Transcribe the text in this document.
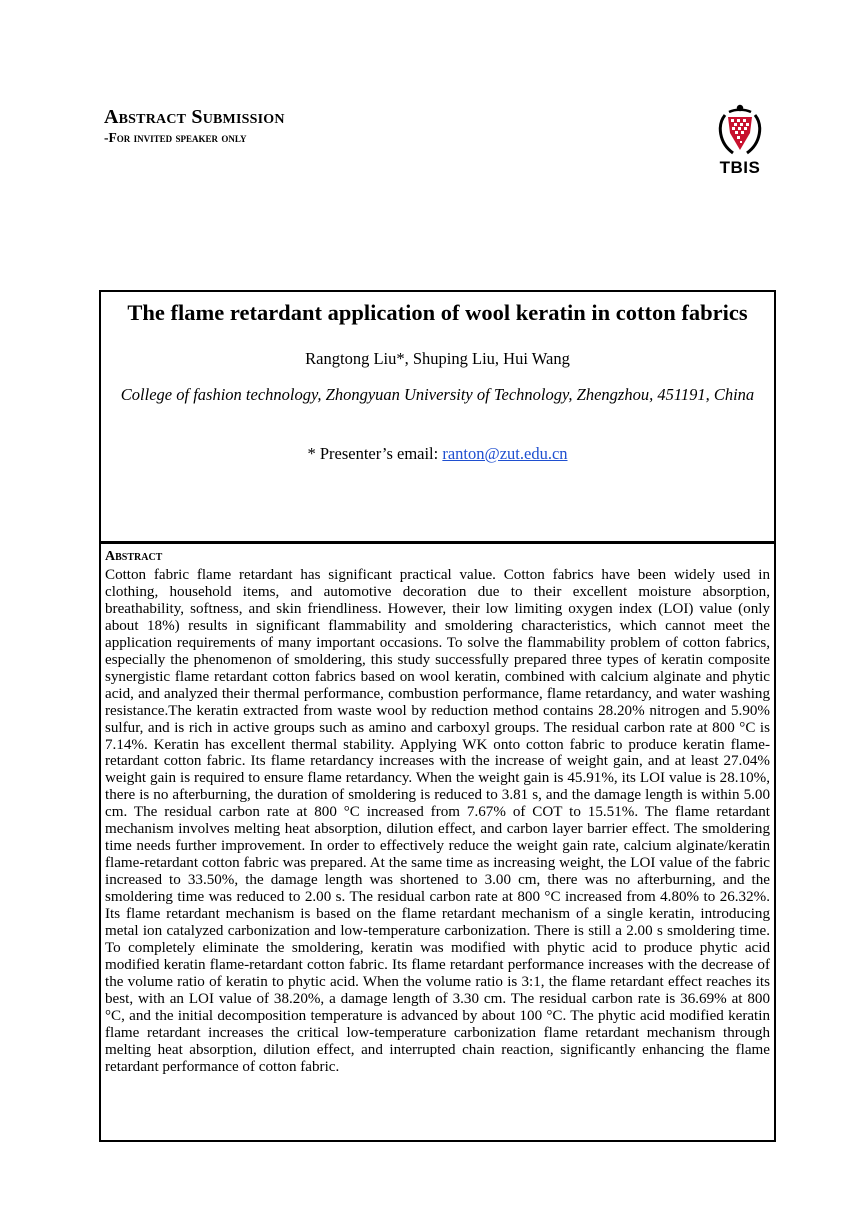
Abstract Submission

-For invited speaker only

TBIS
The flame retardant application of wool keratin in cotton fabrics
Rangtong Liu*, Shuping Liu, Hui Wang
College of fashion technology, Zhongyuan University of Technology, Zhengzhou, 451191, China
* Presenter’s email: ranton@zut.edu.cn
Abstract

Cotton fabric flame retardant has significant practical value. Cotton fabrics have been widely used in clothing, household items, and automotive decoration due to their excellent moisture absorption, breathability, softness, and skin friendliness. However, their low limiting oxygen index (LOI) value (only about 18%) results in significant flammability and smoldering characteristics, which cannot meet the application requirements of many important occasions. To solve the flammability problem of cotton fabrics, especially the phenomenon of smoldering, this study successfully prepared three types of keratin composite synergistic flame retardant cotton fabrics based on wool keratin, combined with calcium alginate and phytic acid, and analyzed their thermal performance, combustion performance, flame retardancy, and water washing resistance.The keratin extracted from waste wool by reduction method contains 28.20% nitrogen and 5.90% sulfur, and is rich in active groups such as amino and carboxyl groups. The residual carbon rate at 800 °C is 7.14%. Keratin has excellent thermal stability. Applying WK onto cotton fabric to produce keratin flame-retardant cotton fabric. Its flame retardancy increases with the increase of weight gain, and at least 27.04% weight gain is required to ensure flame retardancy. When the weight gain is 45.91%, its LOI value is 28.10%, there is no afterburning, the duration of smoldering is reduced to 3.81 s, and the damage length is within 5.00 cm. The residual carbon rate at 800 °C increased from 7.67% of COT to 15.51%. The flame retardant mechanism involves melting heat absorption, dilution effect, and carbon layer barrier effect. The smoldering time needs further improvement. In order to effectively reduce the weight gain rate, calcium alginate/keratin flame-retardant cotton fabric was prepared. At the same time as increasing weight, the LOI value of the fabric increased to 33.50%, the damage length was shortened to 3.00 cm, there was no afterburning, and the smoldering time was reduced to 2.00 s. The residual carbon rate at 800 °C increased from 4.80% to 26.32%. Its flame retardant mechanism is based on the flame retardant mechanism of a single keratin, introducing metal ion catalyzed carbonization and low-temperature carbonization. There is still a 2.00 s smoldering time. To completely eliminate the smoldering, keratin was modified with phytic acid to produce phytic acid modified keratin flame-retardant cotton fabric. Its flame retardant performance increases with the decrease of the volume ratio of keratin to phytic acid. When the volume ratio is 3:1, the flame retardant effect reaches its best, with an LOI value of 38.20%, a damage length of 3.30 cm. The residual carbon rate is 36.69% at 800 °C, and the initial decomposition temperature is advanced by about 100 °C. The phytic acid modified keratin flame retardant increases the critical low-temperature carbonization flame retardant mechanism through melting heat absorption, dilution effect, and interrupted chain reaction, significantly enhancing the flame retardant performance of cotton fabric.
